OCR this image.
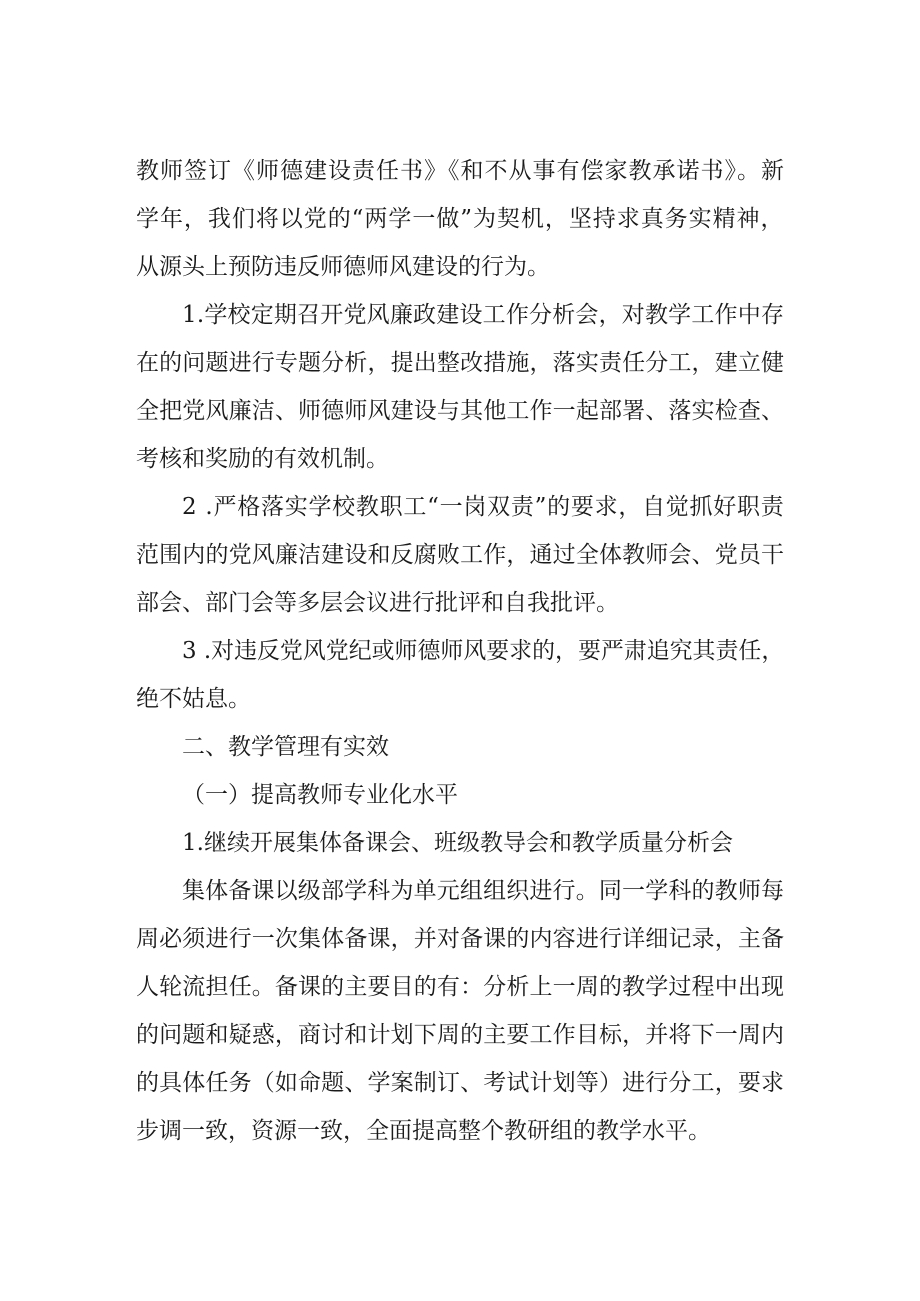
教师签订《师德建设责任书》《和不从事有偿家教承诺书》。新
学年，我们将以党的“两学一做”为契机，坚持求真务实精神，
从源头上预防违反师德师风建设的行为。
1.学校定期召开党风廉政建设工作分析会，对教学工作中存
在的问题进行专题分析，提出整改措施，落实责任分工，建立健
全把党风廉洁、师德师风建设与其他工作一起部署、落实检查、
考核和奖励的有效机制。
2 .严格落实学校教职工“一岗双责”的要求，自觉抓好职责
范围内的党风廉洁建设和反腐败工作，通过全体教师会、党员干
部会、部门会等多层会议进行批评和自我批评。
3 .对违反党风党纪或师德师风要求的，要严肃追究其责任，
绝不姑息。
二、教学管理有实效
（一）提高教师专业化水平
1.继续开展集体备课会、班级教导会和教学质量分析会
集体备课以级部学科为单元组组织进行。同一学科的教师每
周必须进行一次集体备课，并对备课的内容进行详细记录，主备
人轮流担任。备课的主要目的有：分析上一周的教学过程中出现
的问题和疑惑，商讨和计划下周的主要工作目标，并将下一周内
的具体任务（如命题、学案制订、考试计划等）进行分工，要求
步调一致，资源一致，全面提高整个教研组的教学水平。
